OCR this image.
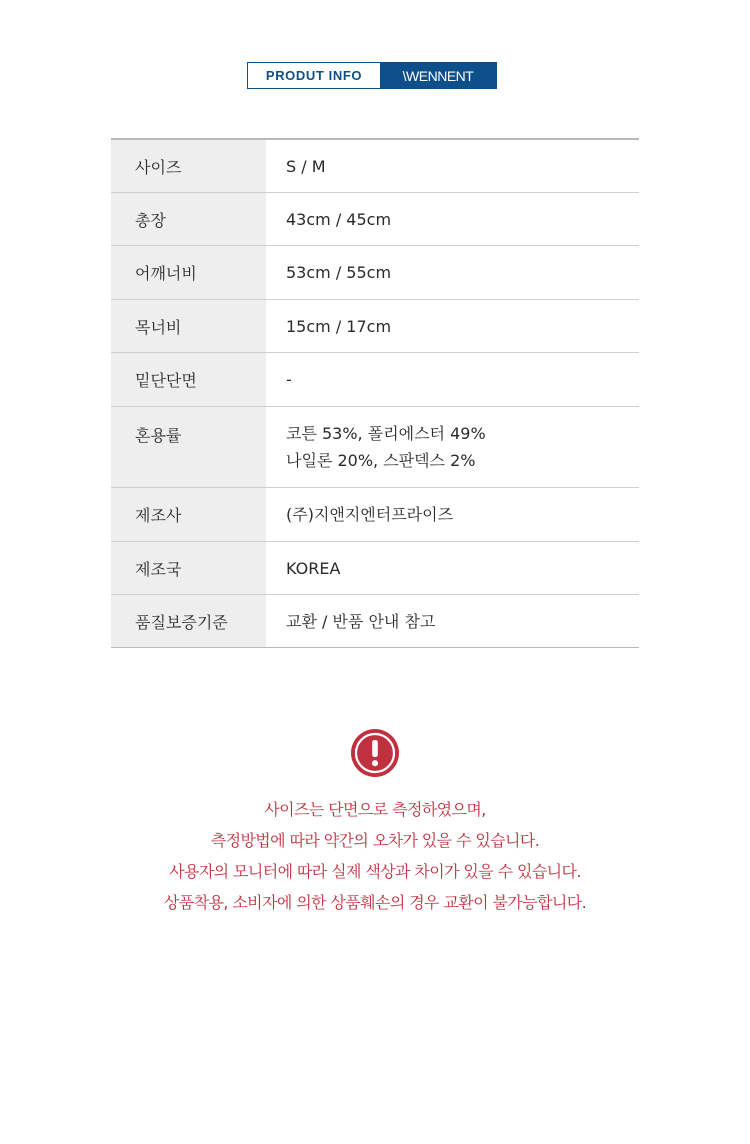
PRODUT INFO	\WENNENT
사이즈	S / M
총장	43cm / 45cm
어깨너비	53cm / 55cm
목너비	15cm / 17cm
밑단단면	-
혼용률	코튼 53%, 폴리에스터 49%
나일론 20%, 스판덱스 2%
제조사	(주)지앤지엔터프라이즈
제조국	KOREA
품질보증기준	교환 / 반품 안내 참고
사이즈는 단면으로 측정하였으며,
측정방법에 따라 약간의 오차가 있을 수 있습니다.
사용자의 모니터에 따라 실제 색상과 차이가 있을 수 있습니다.
상품착용, 소비자에 의한 상품훼손의 경우 교환이 불가능합니다.
